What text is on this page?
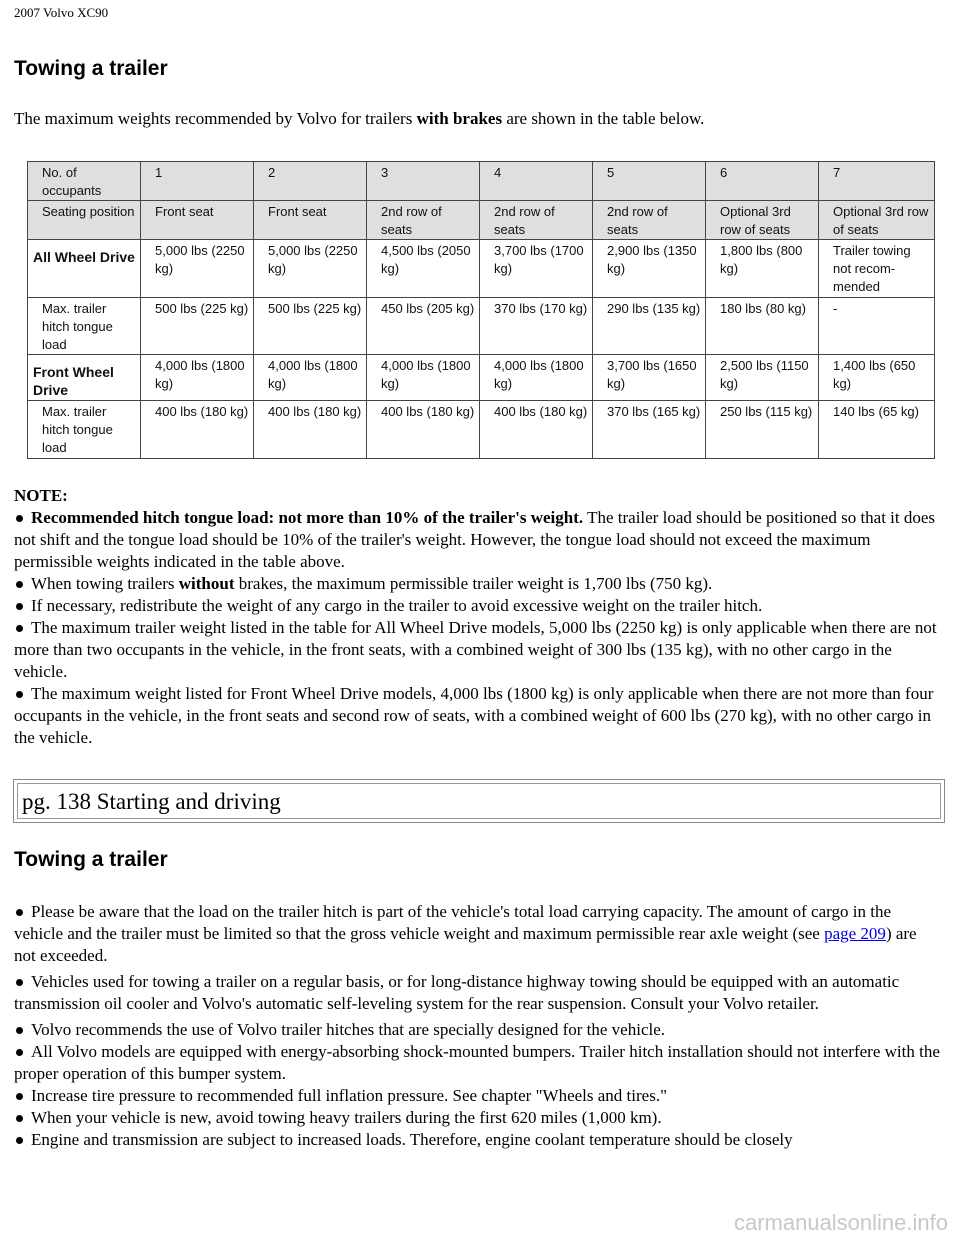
2007 Volvo XC90
Towing a trailer
The maximum weights recommended by Volvo for trailers with brakes are shown in the table below.
No. of occupants	1	2	3	4	5	6	7
Seating position	Front seat	Front seat	2nd row of seats	2nd row of seats	2nd row of seats	Optional 3rd row of seats	Optional 3rd row of seats
All Wheel Drive	5,000 lbs (2250 kg)	5,000 lbs (2250 kg)	4,500 lbs (2050 kg)	3,700 lbs (1700 kg)	2,900 lbs (1350 kg)	1,800 lbs (800 kg)	Trailer towing not recom-mended
Max. trailer hitch tongue load	500 lbs (225 kg)	500 lbs (225 kg)	450 lbs (205 kg)	370 lbs (170 kg)	290 lbs (135 kg)	180 lbs (80 kg)	-
Front Wheel Drive	4,000 lbs (1800 kg)	4,000 lbs (1800 kg)	4,000 lbs (1800 kg)	4,000 lbs (1800 kg)	3,700 lbs (1650 kg)	2,500 lbs (1150 kg)	1,400 lbs (650 kg)
Max. trailer hitch tongue load	400 lbs (180 kg)	400 lbs (180 kg)	400 lbs (180 kg)	400 lbs (180 kg)	370 lbs (165 kg)	250 lbs (115 kg)	140 lbs (65 kg)
NOTE:

Recommended hitch tongue load: not more than 10% of the trailer's weight. The trailer load should be positioned so that it does not shift and the tongue load should be 10% of the trailer's weight. However, the tongue load should not exceed the maximum permissible weights indicated in the table above.

When towing trailers without brakes, the maximum permissible trailer weight is 1,700 lbs (750 kg).

If necessary, redistribute the weight of any cargo in the trailer to avoid excessive weight on the trailer hitch.

The maximum trailer weight listed in the table for All Wheel Drive models, 5,000 lbs (2250 kg) is only applicable when there are not more than two occupants in the vehicle, in the front seats, with a combined weight of 300 lbs (135 kg), with no other cargo in the vehicle.

The maximum weight listed for Front Wheel Drive models, 4,000 lbs (1800 kg) is only applicable when there are not more than four occupants in the vehicle, in the front seats and second row of seats, with a combined weight of 600 lbs (270 kg), with no other cargo in the vehicle.

pg. 138 Starting and driving
Towing a trailer

Please be aware that the load on the trailer hitch is part of the vehicle's total load carrying capacity. The amount of cargo in the vehicle and the trailer must be limited so that the gross vehicle weight and maximum permissible rear axle weight (see page 209) are not exceeded.

Vehicles used for towing a trailer on a regular basis, or for long-distance highway towing should be equipped with an automatic transmission oil cooler and Volvo's automatic self-leveling system for the rear suspension. Consult your Volvo retailer.

Volvo recommends the use of Volvo trailer hitches that are specially designed for the vehicle.

All Volvo models are equipped with energy-absorbing shock-mounted bumpers. Trailer hitch installation should not interfere with the proper operation of this bumper system.

Increase tire pressure to recommended full inflation pressure. See chapter "Wheels and tires."

When your vehicle is new, avoid towing heavy trailers during the first 620 miles (1,000 km).

Engine and transmission are subject to increased loads. Therefore, engine coolant temperature should be closely

carmanualsonline.info
